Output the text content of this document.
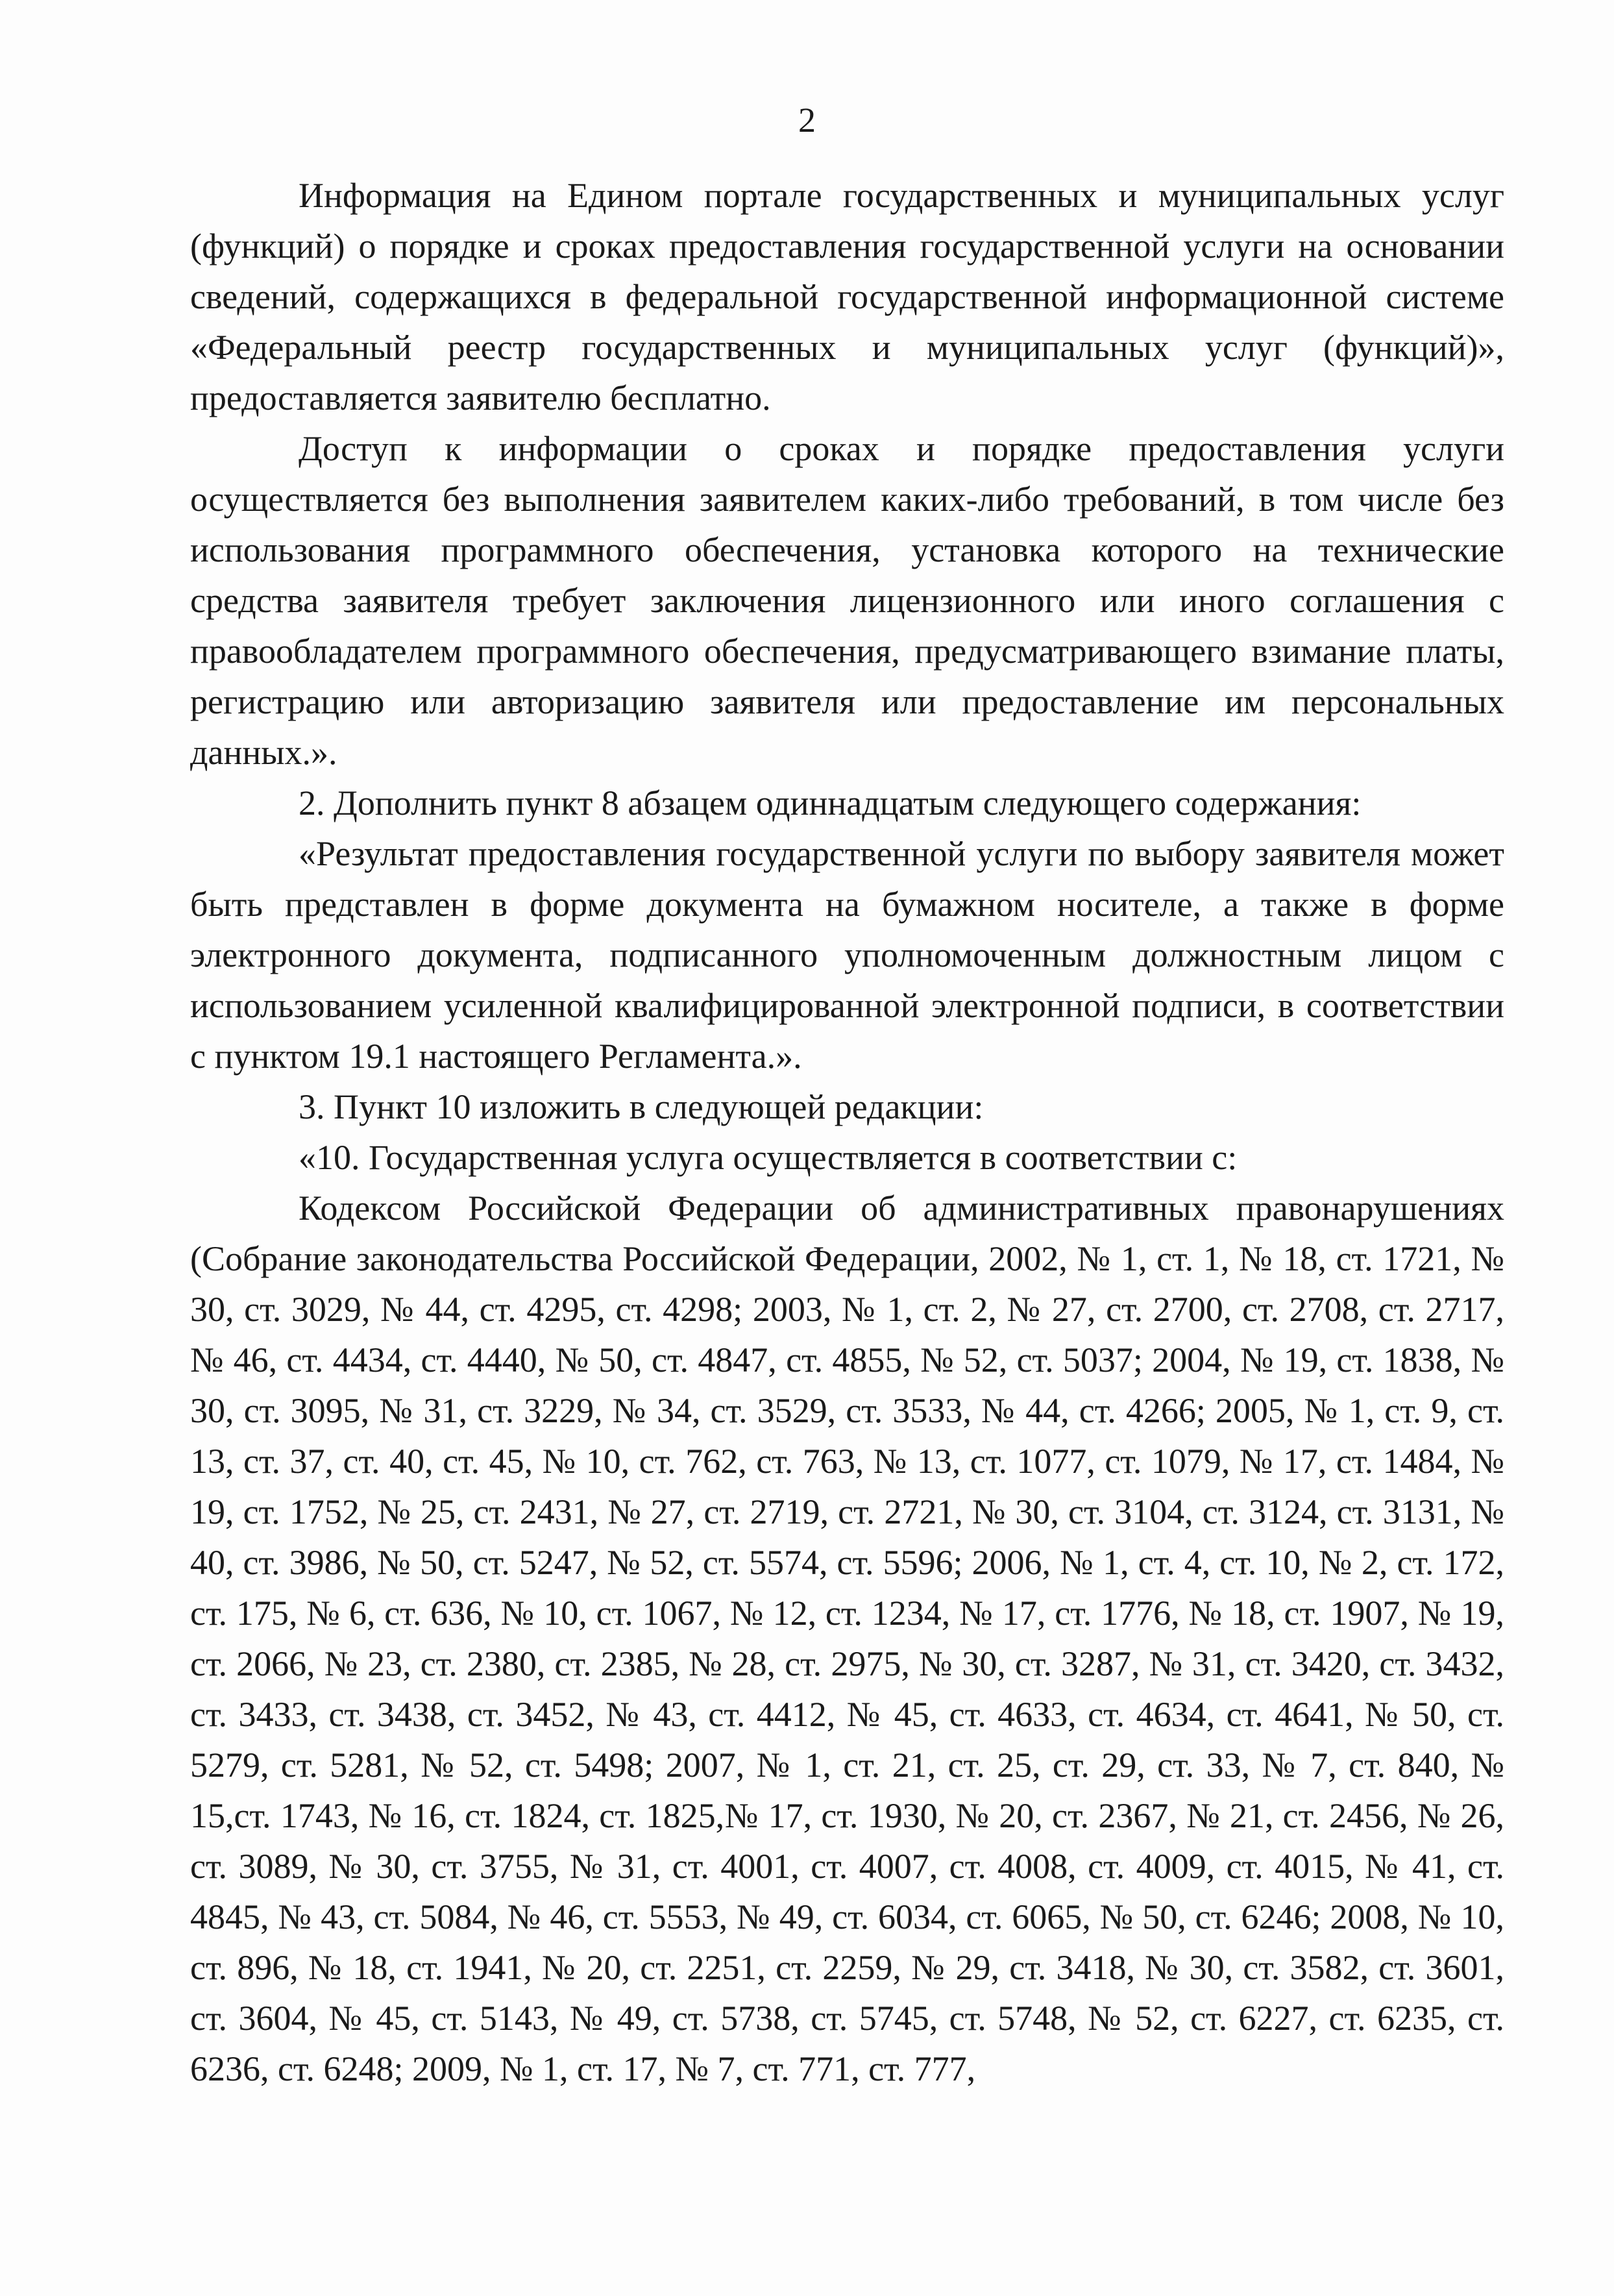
2

Информация на Едином портале государственных и муниципальных услуг (функций) о порядке и сроках предоставления государственной услуги на основании сведений, содержащихся в федеральной государственной информационной системе «Федеральный реестр государственных и муниципальных услуг (функций)», предоставляется заявителю бесплатно.

Доступ к информации о сроках и порядке предоставления услуги осуществляется без выполнения заявителем каких-либо требований, в том числе без использования программного обеспечения, установка которого на технические средства заявителя требует заключения лицензионного или иного соглашения с правообладателем программного обеспечения, предусматривающего взимание платы, регистрацию или авторизацию заявителя или предоставление им персональных данных.».

2. Дополнить пункт 8 абзацем одиннадцатым следующего содержания:

«Результат предоставления государственной услуги по выбору заявителя может быть представлен в форме документа на бумажном носителе, а также в форме электронного документа, подписанного уполномоченным должностным лицом с использованием усиленной квалифицированной электронной подписи, в соответствии с пунктом 19.1 настоящего Регламента.».

3. Пункт 10 изложить в следующей редакции:

«10. Государственная услуга осуществляется в соответствии с:

Кодексом Российской Федерации об административных правонарушениях (Собрание законодательства Российской Федерации, 2002, № 1, ст. 1, № 18, ст. 1721, № 30, ст. 3029, № 44, ст. 4295, ст. 4298; 2003, № 1, ст. 2, № 27, ст. 2700, ст. 2708, ст. 2717, № 46, ст. 4434, ст. 4440, № 50, ст. 4847, ст. 4855, № 52, ст. 5037; 2004, № 19, ст. 1838, № 30, ст. 3095, № 31, ст. 3229, № 34, ст. 3529, ст. 3533, № 44, ст. 4266; 2005, № 1, ст. 9, ст. 13, ст. 37, ст. 40, ст. 45, № 10, ст. 762, ст. 763, № 13, ст. 1077, ст. 1079, № 17, ст. 1484, № 19, ст. 1752, № 25, ст. 2431, № 27, ст. 2719, ст. 2721, № 30, ст. 3104, ст. 3124, ст. 3131, № 40, ст. 3986, № 50, ст. 5247, № 52, ст. 5574, ст. 5596; 2006, № 1, ст. 4, ст. 10, № 2, ст. 172, ст. 175, № 6, ст. 636, № 10, ст. 1067, № 12, ст. 1234, № 17, ст. 1776, № 18, ст. 1907, № 19, ст. 2066, № 23, ст. 2380, ст. 2385, № 28, ст. 2975, № 30, ст. 3287, № 31, ст. 3420, ст. 3432, ст. 3433, ст. 3438, ст. 3452, № 43, ст. 4412, № 45, ст. 4633, ст. 4634, ст. 4641, № 50, ст. 5279, ст. 5281, № 52, ст. 5498; 2007, № 1, ст. 21, ст. 25, ст. 29, ст. 33, № 7, ст. 840, № 15,ст. 1743, № 16, ст. 1824, ст. 1825,№ 17, ст. 1930, № 20, ст. 2367, № 21, ст. 2456, № 26, ст. 3089, № 30, ст. 3755, № 31, ст. 4001, ст. 4007, ст. 4008, ст. 4009, ст. 4015, № 41, ст. 4845, № 43, ст. 5084, № 46, ст. 5553, № 49, ст. 6034, ст. 6065, № 50, ст. 6246; 2008, № 10, ст. 896, № 18, ст. 1941, № 20, ст. 2251, ст. 2259, № 29, ст. 3418, № 30, ст. 3582, ст. 3601, ст. 3604, № 45, ст. 5143, № 49, ст. 5738, ст. 5745, ст. 5748, № 52, ст. 6227, ст. 6235, ст. 6236, ст. 6248; 2009, № 1, ст. 17, № 7, ст. 771, ст. 777,
